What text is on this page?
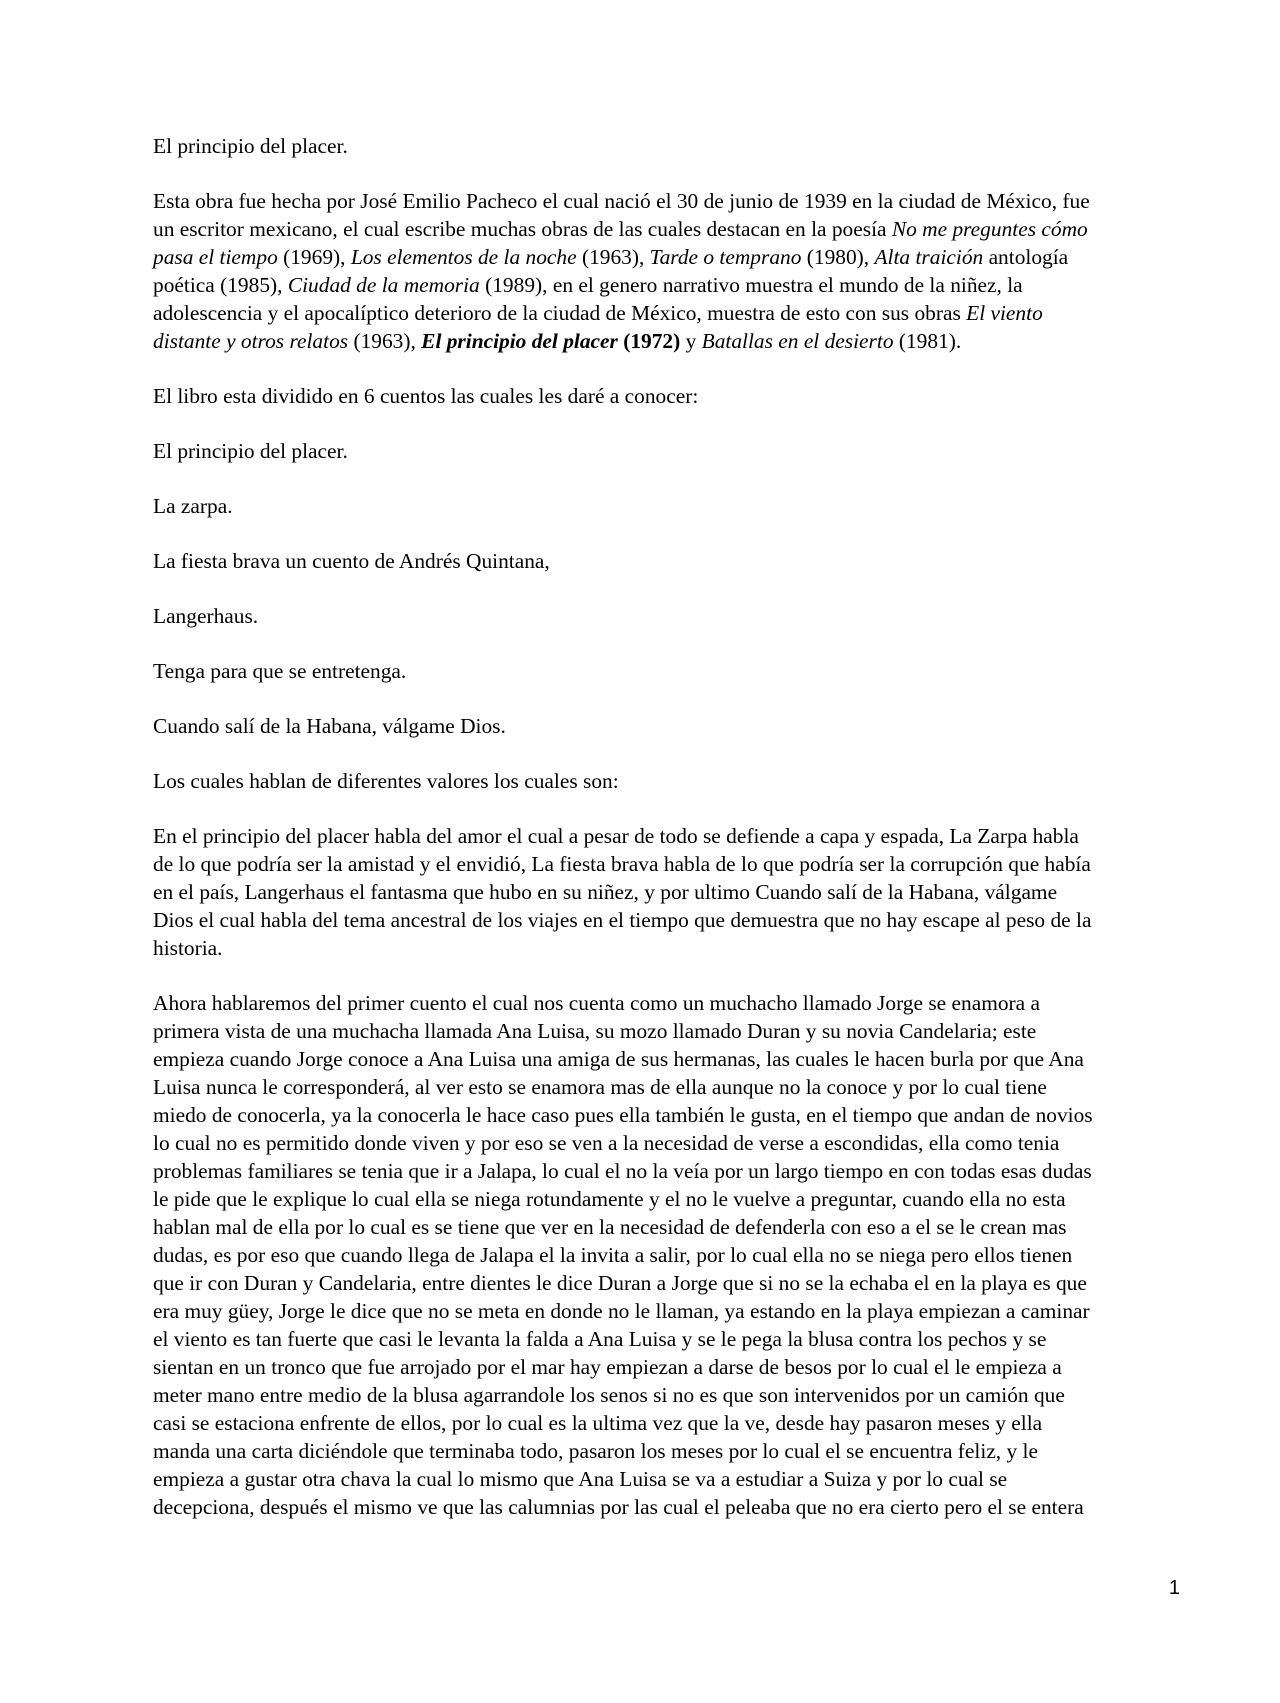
El principio del placer.

Esta obra fue hecha por José Emilio Pacheco el cual nació el 30 de junio de 1939 en la ciudad de México, fue
un escritor mexicano, el cual escribe muchas obras de las cuales destacan en la poesía No me preguntes cómo
pasa el tiempo (1969), Los elementos de la noche (1963), Tarde o temprano (1980), Alta traición antología
poética (1985), Ciudad de la memoria (1989), en el genero narrativo muestra el mundo de la niñez, la
adolescencia y el apocalíptico deterioro de la ciudad de México, muestra de esto con sus obras El viento
distante y otros relatos (1963), El principio del placer (1972) y Batallas en el desierto (1981).

El libro esta dividido en 6 cuentos las cuales les daré a conocer:

El principio del placer.

La zarpa.

La fiesta brava un cuento de Andrés Quintana,

Langerhaus.

Tenga para que se entretenga.

Cuando salí de la Habana, válgame Dios.

Los cuales hablan de diferentes valores los cuales son:

En el principio del placer habla del amor el cual a pesar de todo se defiende a capa y espada, La Zarpa habla
de lo que podría ser la amistad y el envidió, La fiesta brava habla de lo que podría ser la corrupción que había
en el país, Langerhaus el fantasma que hubo en su niñez, y por ultimo Cuando salí de la Habana, válgame
Dios el cual habla del tema ancestral de los viajes en el tiempo que demuestra que no hay escape al peso de la
historia.

Ahora hablaremos del primer cuento el cual nos cuenta como un muchacho llamado Jorge se enamora a
primera vista de una muchacha llamada Ana Luisa, su mozo llamado Duran y su novia Candelaria; este
empieza cuando Jorge conoce a Ana Luisa una amiga de sus hermanas, las cuales le hacen burla por que Ana
Luisa nunca le corresponderá, al ver esto se enamora mas de ella aunque no la conoce y por lo cual tiene
miedo de conocerla, ya la conocerla le hace caso pues ella también le gusta, en el tiempo que andan de novios
lo cual no es permitido donde viven y por eso se ven a la necesidad de verse a escondidas, ella como tenia
problemas familiares se tenia que ir a Jalapa, lo cual el no la veía por un largo tiempo en con todas esas dudas
le pide que le explique lo cual ella se niega rotundamente y el no le vuelve a preguntar, cuando ella no esta
hablan mal de ella por lo cual es se tiene que ver en la necesidad de defenderla con eso a el se le crean mas
dudas, es por eso que cuando llega de Jalapa el la invita a salir, por lo cual ella no se niega pero ellos tienen
que ir con Duran y Candelaria, entre dientes le dice Duran a Jorge que si no se la echaba el en la playa es que
era muy güey, Jorge le dice que no se meta en donde no le llaman, ya estando en la playa empiezan a caminar
el viento es tan fuerte que casi le levanta la falda a Ana Luisa y se le pega la blusa contra los pechos y se
sientan en un tronco que fue arrojado por el mar hay empiezan a darse de besos por lo cual el le empieza a
meter mano entre medio de la blusa agarrandole los senos si no es que son intervenidos por un camión que
casi se estaciona enfrente de ellos, por lo cual es la ultima vez que la ve, desde hay pasaron meses y ella
manda una carta diciéndole que terminaba todo, pasaron los meses por lo cual el se encuentra feliz, y le
empieza a gustar otra chava la cual lo mismo que Ana Luisa se va a estudiar a Suiza y por lo cual se
decepciona, después el mismo ve que las calumnias por las cual el peleaba que no era cierto pero el se entera

1
